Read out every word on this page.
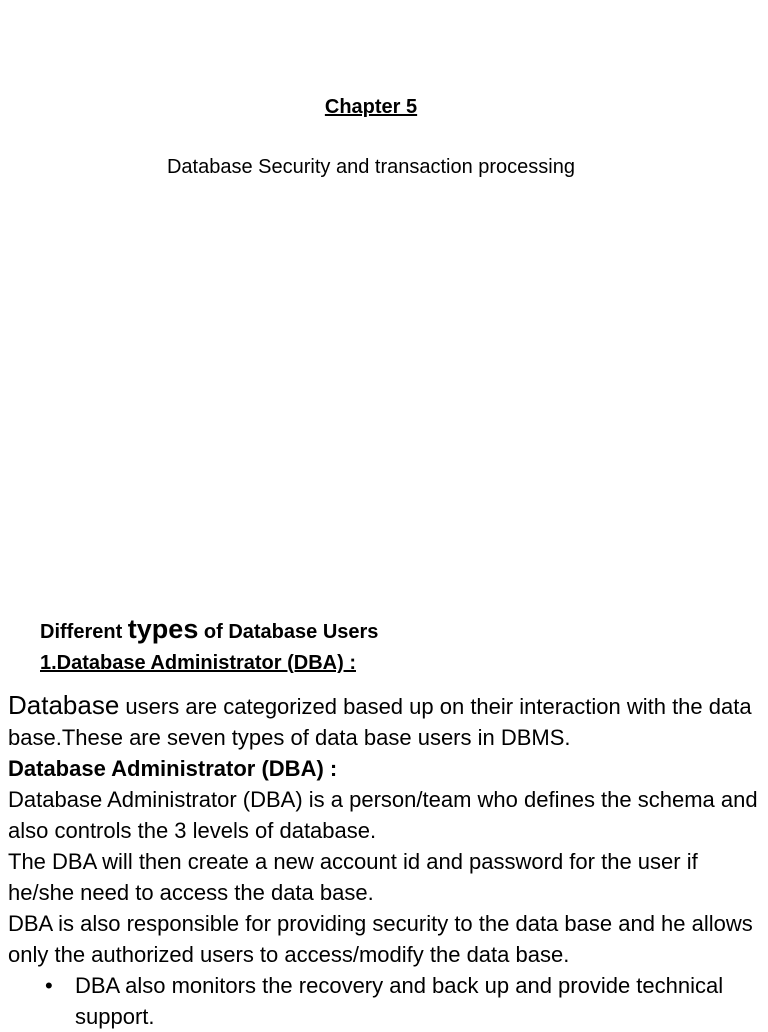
Chapter 5
Database Security and transaction processing
Different types of Database Users
1.Database Administrator (DBA) :

Database users are categorized based up on their interaction with the data base.These are seven types of data base users in DBMS.

Database Administrator (DBA) :

Database Administrator (DBA) is a person/team who defines the schema and also controls the 3 levels of database.

The DBA will then create a new account id and password for the user if he/she need to access the data base.

DBA is also responsible for providing security to the data base and he allows only the authorized users to access/modify the data base.

• DBA also monitors the recovery and back up and provide technical support.
